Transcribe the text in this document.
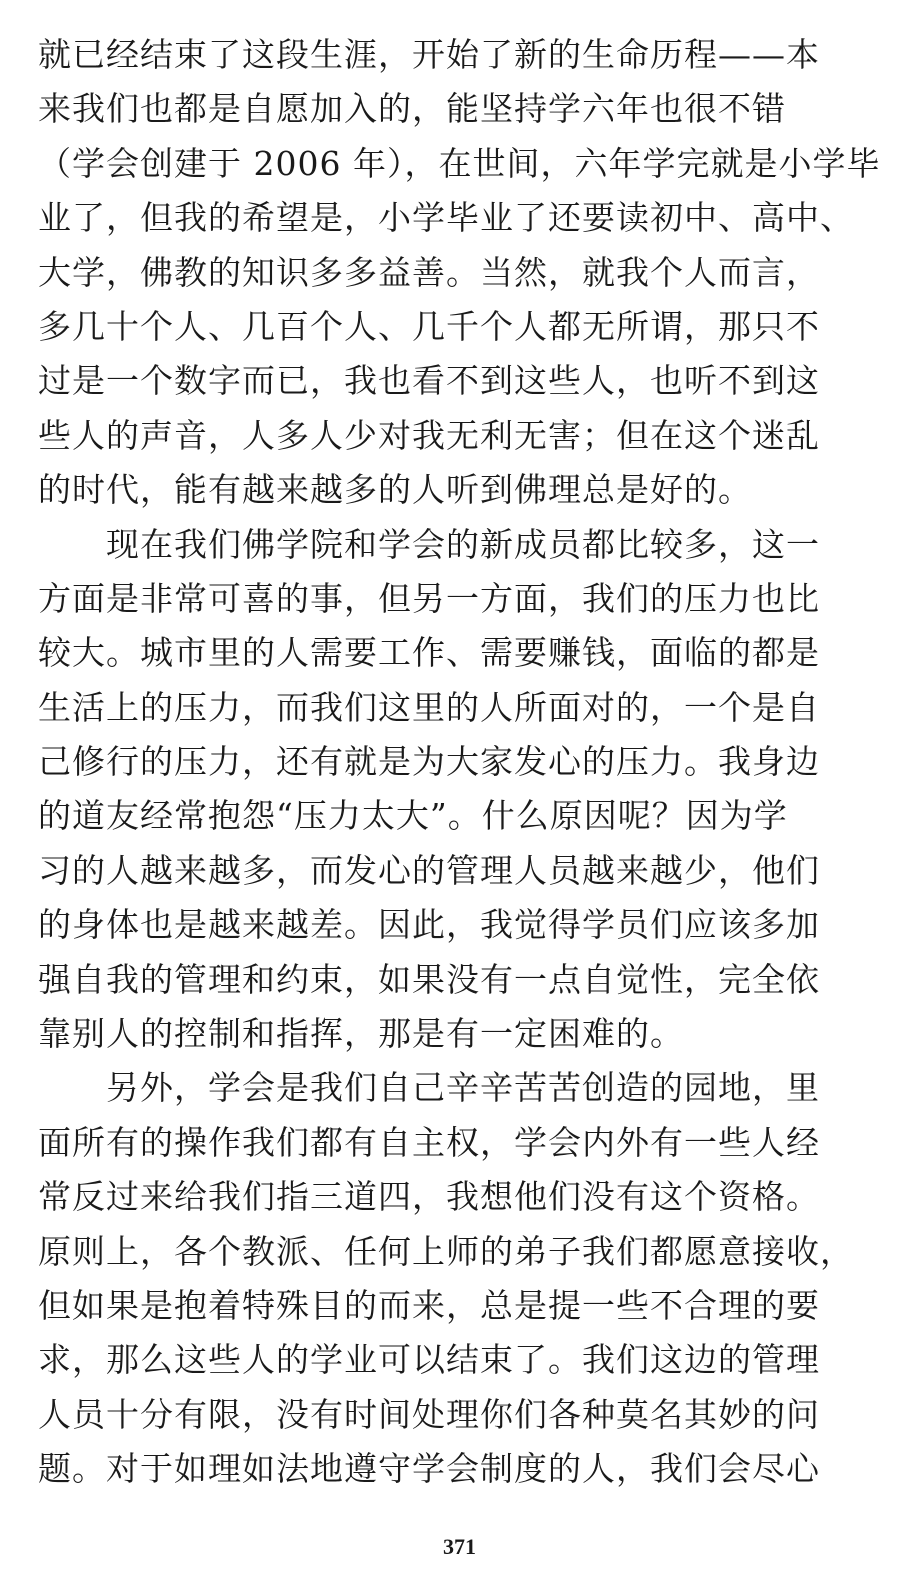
就已经结束了这段生涯，开始了新的生命历程——本
来我们也都是自愿加入的，能坚持学六年也很不错
（学会创建于 2006 年），在世间，六年学完就是小学毕
业了，但我的希望是，小学毕业了还要读初中、高中、
大学，佛教的知识多多益善。当然，就我个人而言，
多几十个人、几百个人、几千个人都无所谓，那只不
过是一个数字而已，我也看不到这些人，也听不到这
些人的声音，人多人少对我无利无害；但在这个迷乱
的时代，能有越来越多的人听到佛理总是好的。
现在我们佛学院和学会的新成员都比较多，这一
方面是非常可喜的事，但另一方面，我们的压力也比
较大。城市里的人需要工作、需要赚钱，面临的都是
生活上的压力，而我们这里的人所面对的，一个是自
己修行的压力，还有就是为大家发心的压力。我身边
的道友经常抱怨“压力太大”。什么原因呢？因为学
习的人越来越多，而发心的管理人员越来越少，他们
的身体也是越来越差。因此，我觉得学员们应该多加
强自我的管理和约束，如果没有一点自觉性，完全依
靠别人的控制和指挥，那是有一定困难的。
另外，学会是我们自己辛辛苦苦创造的园地，里
面所有的操作我们都有自主权，学会内外有一些人经
常反过来给我们指三道四，我想他们没有这个资格。
原则上，各个教派、任何上师的弟子我们都愿意接收，
但如果是抱着特殊目的而来，总是提一些不合理的要
求，那么这些人的学业可以结束了。我们这边的管理
人员十分有限，没有时间处理你们各种莫名其妙的问
题。对于如理如法地遵守学会制度的人，我们会尽心
371
